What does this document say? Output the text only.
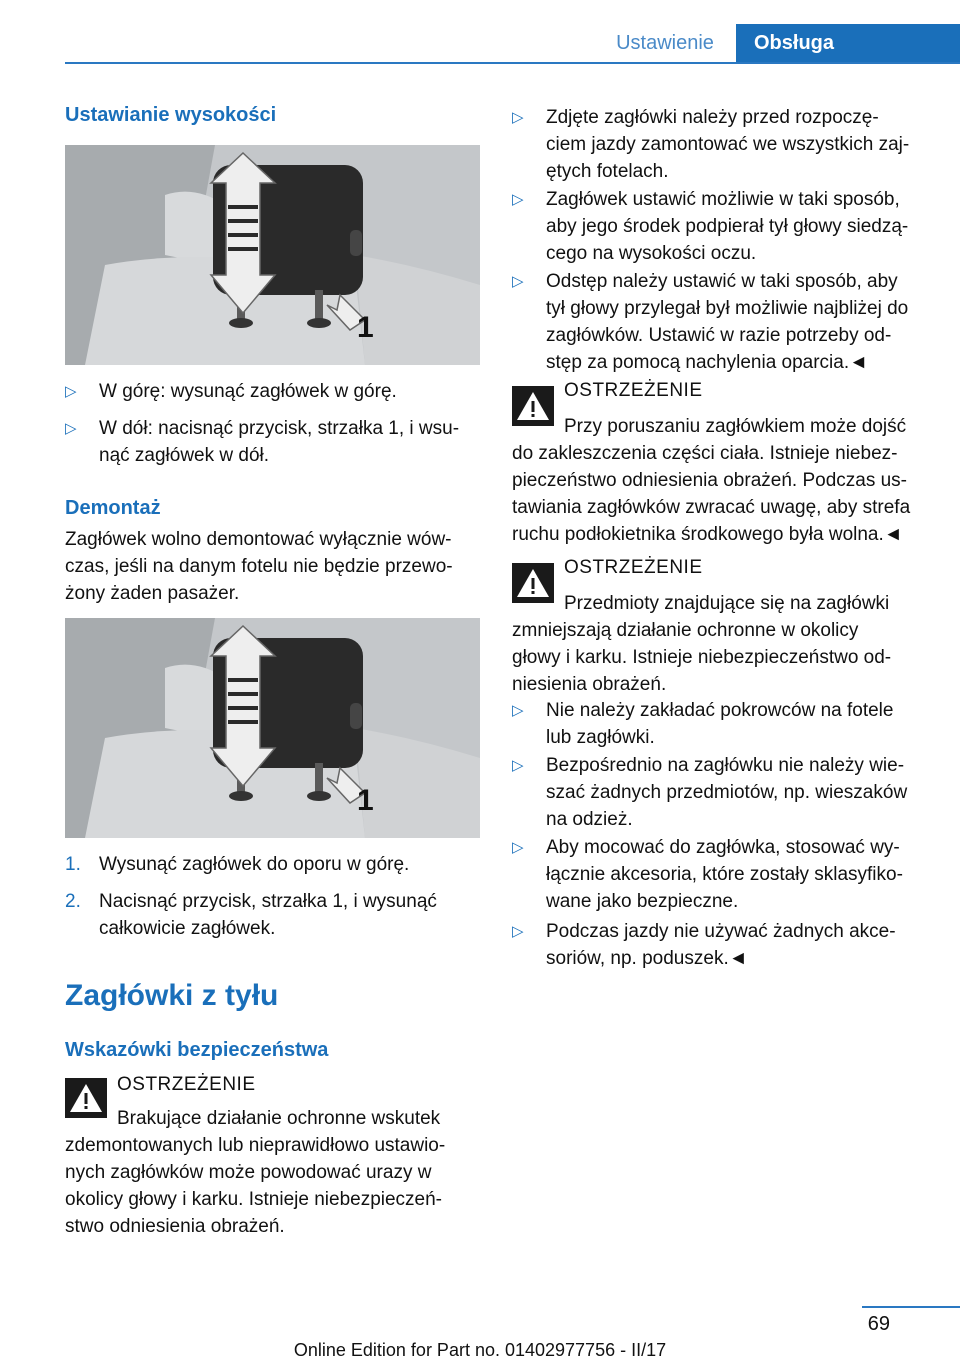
Ustawienie	Obsługa
Ustawianie wysokości
1
▷ W górę: wysunąć zagłówek w górę.
▷ W dół: nacisnąć przycisk, strzałka 1, i wsu-
nąć zagłówek w dół.
Demontaż
Zagłówek wolno demontować wyłącznie wów-
czas, jeśli na danym fotelu nie będzie przewo-
żony żaden pasażer.
1
1. Wysunąć zagłówek do oporu w górę.
2. Nacisnąć przycisk, strzałka 1, i wysunąć
całkowicie zagłówek.
Zagłówki z tyłu
Wskazówki bezpieczeństwa
OSTRZEŻENIE
Brakujące działanie ochronne wskutek
zdemontowanych lub nieprawidłowo ustawio-
nych zagłówków może powodować urazy w
okolicy głowy i karku. Istnieje niebezpieczeń-
stwo odniesienia obrażeń.
▷ Zdjęte zagłówki należy przed rozpoczę-
ciem jazdy zamontować we wszystkich zaj-
ętych fotelach.
▷ Zagłówek ustawić możliwie w taki sposób,
aby jego środek podpierał tył głowy siedzą-
cego na wysokości oczu.
▷ Odstęp należy ustawić w taki sposób, aby
tył głowy przylegał był możliwie najbliżej do
zagłówków. Ustawić w razie potrzeby od-
stęp za pomocą nachylenia oparcia.◄
OSTRZEŻENIE
Przy poruszaniu zagłówkiem może dojść
do zakleszczenia części ciała. Istnieje niebez-
pieczeństwo odniesienia obrażeń. Podczas us-
tawiania zagłówków zwracać uwagę, aby strefa
ruchu podłokietnika środkowego była wolna.◄
OSTRZEŻENIE
Przedmioty znajdujące się na zagłówki
zmniejszają działanie ochronne w okolicy
głowy i karku. Istnieje niebezpieczeństwo od-
niesienia obrażeń.
▷ Nie należy zakładać pokrowców na fotele
lub zagłówki.
▷ Bezpośrednio na zagłówku nie należy wie-
szać żadnych przedmiotów, np. wieszaków
na odzież.
▷ Aby mocować do zagłówka, stosować wy-
łącznie akcesoria, które zostały sklasyfiko-
wane jako bezpieczne.
▷ Podczas jazdy nie używać żadnych akce-
soriów, np. poduszek.◄
69
Online Edition for Part no. 01402977756 - II/17
